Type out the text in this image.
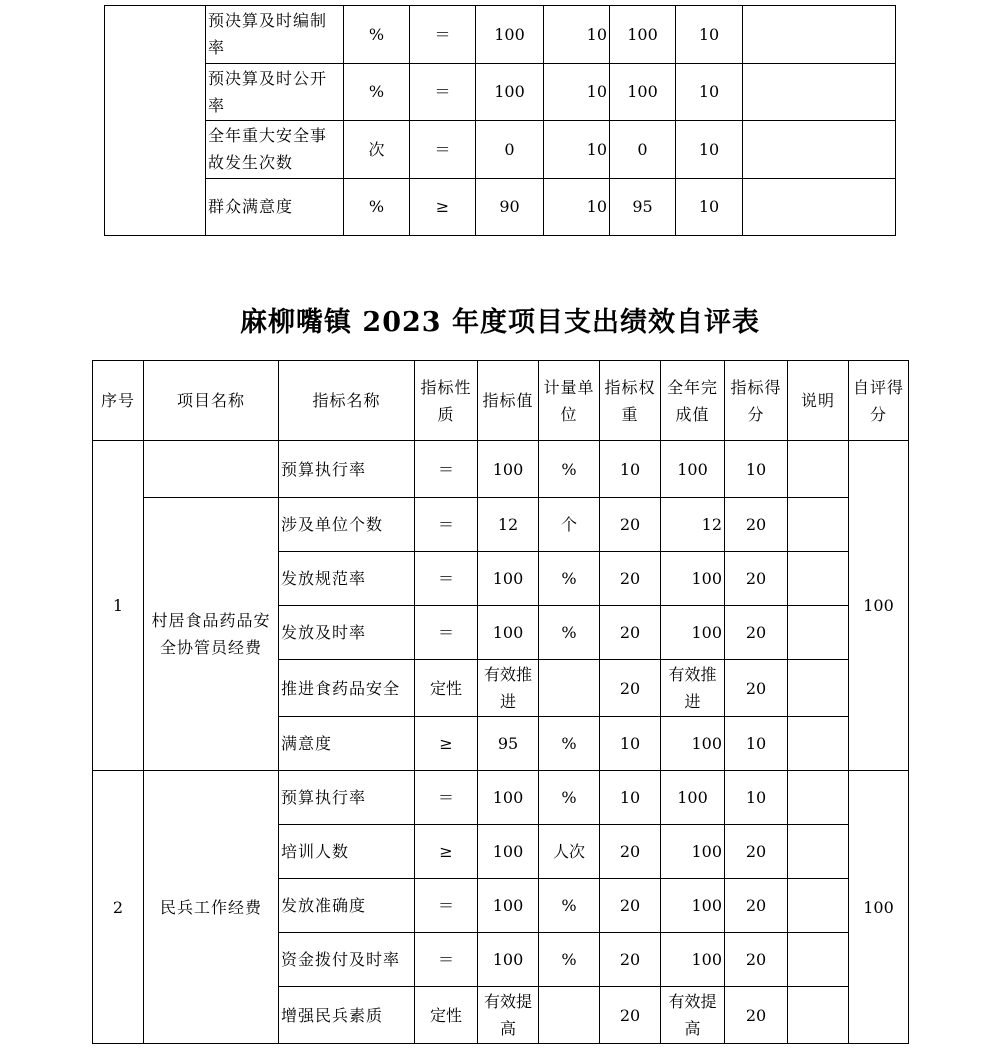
	预决算及时编制率	%	＝	100	10	100	10	
	预决算及时公开率	%	＝	100	10	100	10	
	全年重大安全事故发生次数	次	＝	0	10	0	10	
	群众满意度	%	≥	90	10	95	10	
麻柳嘴镇 2023 年度项目支出绩效自评表
序号	项目名称	指标名称	指标性质	指标值	计量单位	指标权重	全年完成值	指标得分	说明	自评得分
1		预算执行率	＝	100	%	10	100	10		100
	村居食品药品安全协管员经费	涉及单位个数	＝	12	个	20	12	20		
		发放规范率	＝	100	%	20	100	20		
		发放及时率	＝	100	%	20	100	20		
		推进食药品安全	定性	有效推进		20	有效推进	20		
		满意度	≥	95	%	10	100	10		
2	民兵工作经费	预算执行率	＝	100	%	10	100	10		100
		培训人数	≥	100	人次	20	100	20		
		发放准确度	＝	100	%	20	100	20		
		资金拨付及时率	＝	100	%	20	100	20		
		增强民兵素质	定性	有效提高		20	有效提高	20		
